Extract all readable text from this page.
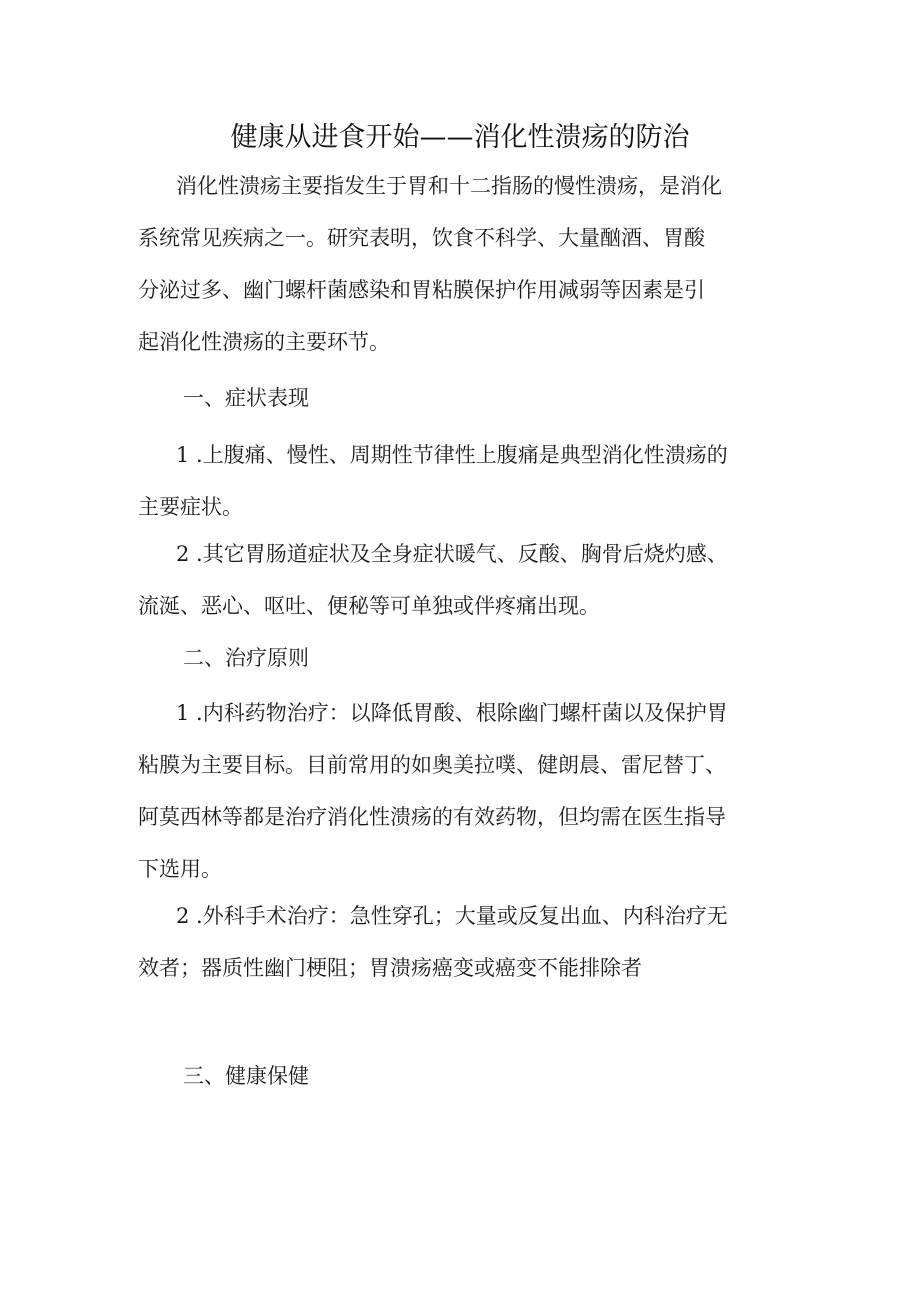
健康从进食开始——消化性溃疡的防治
消化性溃疡主要指发生于胃和十二指肠的慢性溃疡，是消化
系统常见疾病之一。研究表明，饮食不科学、大量酗酒、胃酸
分泌过多、幽门螺杆菌感染和胃粘膜保护作用减弱等因素是引
起消化性溃疡的主要环节。
一、症状表现
1 .上腹痛、慢性、周期性节律性上腹痛是典型消化性溃疡的
主要症状。
2 .其它胃肠道症状及全身症状暖气、反酸、胸骨后烧灼感、
流涎、恶心、呕吐、便秘等可单独或伴疼痛出现。
二、治疗原则
1 .内科药物治疗：以降低胃酸、根除幽门螺杆菌以及保护胃
粘膜为主要目标。目前常用的如奥美拉噗、健朗晨、雷尼替丁、
阿莫西林等都是治疗消化性溃疡的有效药物，但均需在医生指导
下选用。
2 .外科手术治疗：急性穿孔；大量或反复出血、内科治疗无
效者；器质性幽门梗阻；胃溃疡癌变或癌变不能排除者
三、健康保健
